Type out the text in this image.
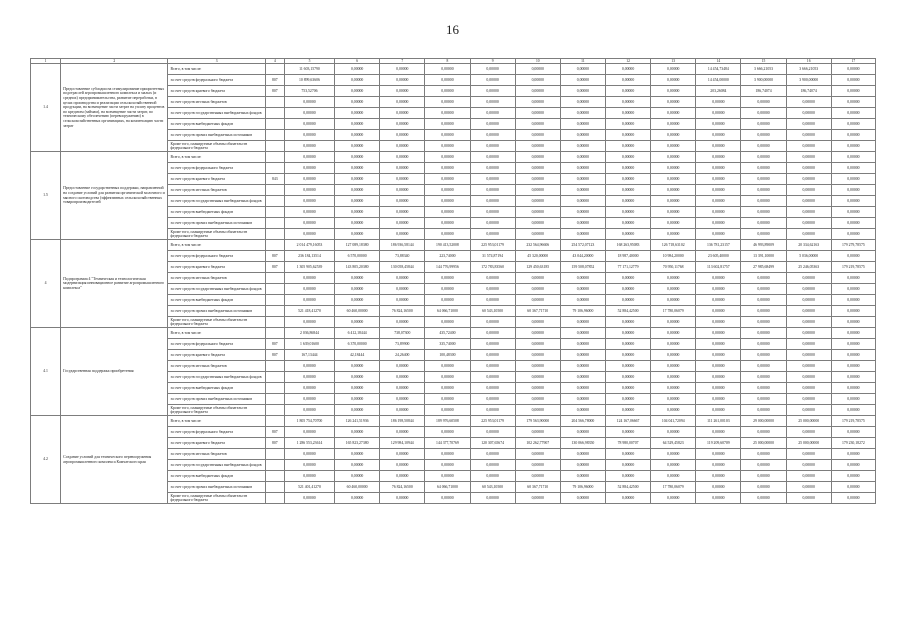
16
1	2	3	4	5	6	7	8	9	10	11	12	13	14	15	16	17
1.4	Предоставление субсидии на стимулирование приоритетных подотраслей агропромышленного комплекса и малых (и средних) предпринимательства, развитие переработки, в целях производства и реализации сельскохозяйственной продукции, на возмещение части затрат на уплату процентов по кредитам (займам), на возмещение части затрат, по техническому обеспечению (перевооружению) в сельскохозяйственных организациях, на компенсацию части затрат	Всего, в том числе:		11 603,15790	0,00000	0,00000	0,00000	0,00000	0,00000	0,00000	0,00000	0,00000	14 454,73484	3 666,21053	3 666,21053	0,00000
		за счет средств федерального бюджета	807	10 899,63606	0,00000	0,00000	0,00000	0,00000	0,00000	0,00000	0,00000	0,00000	14 454,00000	3 900,00000	3 900,00000	0,00000
		за счет средств краевого бюджета	807	753,52706	0,00000	0,00000	0,00000	0,00000	0,00000	0,00000	0,00000	0,00000	203,26084	186,74074	186,74074	0,00000
		за счет средств местных бюджетов		0,00000	0,00000	0,00000	0,00000	0,00000	0,00000	0,00000	0,00000	0,00000	0,00000	0,00000	0,00000	0,00000
		за счет средств государственных внебюджетных фондов		0,00000	0,00000	0,00000	0,00000	0,00000	0,00000	0,00000	0,00000	0,00000	0,00000	0,00000	0,00000	0,00000
		за счет средств внебюджетных фондов		0,00000	0,00000	0,00000	0,00000	0,00000	0,00000	0,00000	0,00000	0,00000	0,00000	0,00000	0,00000	0,00000
		за счет средств прочих внебюджетных источников		0,00000	0,00000	0,00000	0,00000	0,00000	0,00000	0,00000	0,00000	0,00000	0,00000	0,00000	0,00000	0,00000
		Кроме того, планируемые объемы обязательств федерального бюджета		0,00000	0,00000	0,00000	0,00000	0,00000	0,00000	0,00000	0,00000	0,00000	0,00000	0,00000	0,00000	0,00000
1.5	Предоставление государственных поддержки, направленной на создание условий для развития органической молочного и мясного скотоводства (эффективных сельскохозяйственных товаропроизводителей	Всего, в том числе:		0,00000	0,00000	0,00000	0,00000	0,00000	0,00000	0,00000	0,00000	0,00000	0,00000	0,00000	0,00000	0,00000
		за счет средств федерального бюджета		0,00000	0,00000	0,00000	0,00000	0,00000	0,00000	0,00000	0,00000	0,00000	0,00000	0,00000	0,00000	0,00000
		за счет средств краевого бюджета	843	0,00000	0,00000	0,00000	0,00000	0,00000	0,00000	0,00000	0,00000	0,00000	0,00000	0,00000	0,00000	0,00000
		за счет средств местных бюджетов		0,00000	0,00000	0,00000	0,00000	0,00000	0,00000	0,00000	0,00000	0,00000	0,00000	0,00000	0,00000	0,00000
		за счет средств государственных внебюджетных фондов		0,00000	0,00000	0,00000	0,00000	0,00000	0,00000	0,00000	0,00000	0,00000	0,00000	0,00000	0,00000	0,00000
		за счет средств внебюджетных фондов		0,00000	0,00000	0,00000	0,00000	0,00000	0,00000	0,00000	0,00000	0,00000	0,00000	0,00000	0,00000	0,00000
		за счет средств прочих внебюджетных источников		0,00000	0,00000	0,00000	0,00000	0,00000	0,00000	0,00000	0,00000	0,00000	0,00000	0,00000	0,00000	0,00000
		Кроме того, планируемые объемы обязательств федерального бюджета		0,00000	0,00000	0,00000	0,00000	0,00000	0,00000	0,00000	0,00000	0,00000	0,00000	0,00000	0,00000	0,00000
4	Подпрограмма 4 "Техническая и технологическая модернизация инновационное развитие агропромышленного комплекса"	Всего, в том числе:		2 014 479,16053	127 089,18380	186 936,58144	190 413,52008	225 953,01179	232 564,96606	254 572,07123	168 263,95083	126 718,63102	136 781,23157	46 993,89009	20 334,62163	179 279,78575
		за счет средств федерального бюджета	807	236 184,13514	6 570,00000	73,88340	223,74000	31 574,87194	45 320,00000	43 044,20000	18 987,40000	10 984,20000	23 605,40000	13 391,10000	5 036,00000	0,00000
		за счет средств краевого бюджета	807	1 305 905,62539	143 805,20380	130 058,45844	144 776,99956	172 783,83560	129 450,63185	159 508,07852	77 171,12779	70 950,11768	113 602,81757	27 985,68499	25 246,05363	179 219,78575
		за счет средств местных бюджетов		0,00000	0,00000	0,00000	0,00000	0,00000	0,00000	0,00000	0,00000	0,00000	0,00000	0,00000	0,00000	0,00000
		за счет средств государственных внебюджетных фондов		0,00000	0,00000	0,00000	0,00000	0,00000	0,00000	0,00000	0,00000	0,00000	0,00000	0,00000	0,00000	0,00000
		за счет средств внебюджетных фондов		0,00000	0,00000	0,00000	0,00000	0,00000	0,00000	0,00000	0,00000	0,00000	0,00000	0,00000	0,00000	0,00000
		за счет средств прочих внебюджетных источников		521 418,41270	60 460,00000	76 824,16500	64 066,71000	60 543,10500	60 367,71710	79 106,96000	52 884,42500	17 780,06079	0,00000	0,00000	0,00000	0,00000
		Кроме того, планируемые объемы обязательств федерального бюджета		0,00000	0,00000	0,00000	0,00000	0,00000	0,00000	0,00000	0,00000	0,00000	0,00000	0,00000	0,00000	0,00000
4.1	Государственная поддержка приобретения	Всего, в том числе:		2 036,86844	6 412,18444	738,07300	435,72400	0,00000	0,00000	0,00000	0,00000	0,00000	0,00000	0,00000	0,00000	0,00000
		за счет средств федерального бюджета	807	1 639,01600	6 370,00000	73,89900	335,74000	0,00000	0,00000	0,00000	0,00000	0,00000	0,00000	0,00000	0,00000	0,00000
		за счет средств краевого бюджета	807	167,13444	42,18444	24,26400	100,48300	0,00000	0,00000	0,00000	0,00000	0,00000	0,00000	0,00000	0,00000	0,00000
		за счет средств местных бюджетов		0,00000	0,00000	0,00000	0,00000	0,00000	0,00000	0,00000	0,00000	0,00000	0,00000	0,00000	0,00000	0,00000
		за счет средств государственных внебюджетных фондов		0,00000	0,00000	0,00000	0,00000	0,00000	0,00000	0,00000	0,00000	0,00000	0,00000	0,00000	0,00000	0,00000
		за счет средств внебюджетных фондов		0,00000	0,00000	0,00000	0,00000	0,00000	0,00000	0,00000	0,00000	0,00000	0,00000	0,00000	0,00000	0,00000
		за счет средств прочих внебюджетных источников		0,00000	0,00000	0,00000	0,00000	0,00000	0,00000	0,00000	0,00000	0,00000	0,00000	0,00000	0,00000	0,00000
		Кроме того, планируемые объемы обязательств федерального бюджета		0,00000	0,00000	0,00000	0,00000	0,00000	0,00000	0,00000	0,00000	0,00000	0,00000	0,00000	0,00000	0,00000
4.2	Создание условий для технического перевооружения агропромышленного комплекса Камчатского края	Всего, в том числе:		1 805 754,70700	126 241,51936	186 198,50844	189 976,60508	225 953,01179	179 563,90000	204 566,78000	124 167,06667	104 041,72094	111 261,00103	29 000,00000	25 000,00000	179 219,78575
		за счет средств федерального бюджета	807	0,00000	0,00000	0,00000	0,00000	0,00000	0,00000	0,00000	0,00000	0,00000	0,00000	0,00000	0,00000	0,00000
		за счет средств краевого бюджета	807	1 286 553,23614	165 823,27380	129 984,10944	144 377,70769	120 307,65674	102 262,77907	130 066,98350	78 980,00707	64 529,45823	119 209,60709	25 000,00000	25 000,00000	179 230,18272
		за счет средств местных бюджетов		0,00000	0,00000	0,00000	0,00000	0,00000	0,00000	0,00000	0,00000	0,00000	0,00000	0,00000	0,00000	0,00000
		за счет средств государственных внебюджетных фондов		0,00000	0,00000	0,00000	0,00000	0,00000	0,00000	0,00000	0,00000	0,00000	0,00000	0,00000	0,00000	0,00000
		за счет средств внебюджетных фондов		0,00000	0,00000	0,00000	0,00000	0,00000	0,00000	0,00000	0,00000	0,00000	0,00000	0,00000	0,00000	0,00000
		за счет средств прочих внебюджетных источников		521 401,41270	60 460,00000	76 824,16500	64 066,71000	60 543,10500	60 367,71710	79 106,96000	52 884,42500	17 780,06079	0,00000	0,00000	0,00000	0,00000
		Кроме того, планируемые объемы обязательств федерального бюджета		0,00000	0,00000	0,00000	0,00000	0,00000	0,00000	0,00000	0,00000	0,00000	0,00000	0,00000	0,00000	0,00000
